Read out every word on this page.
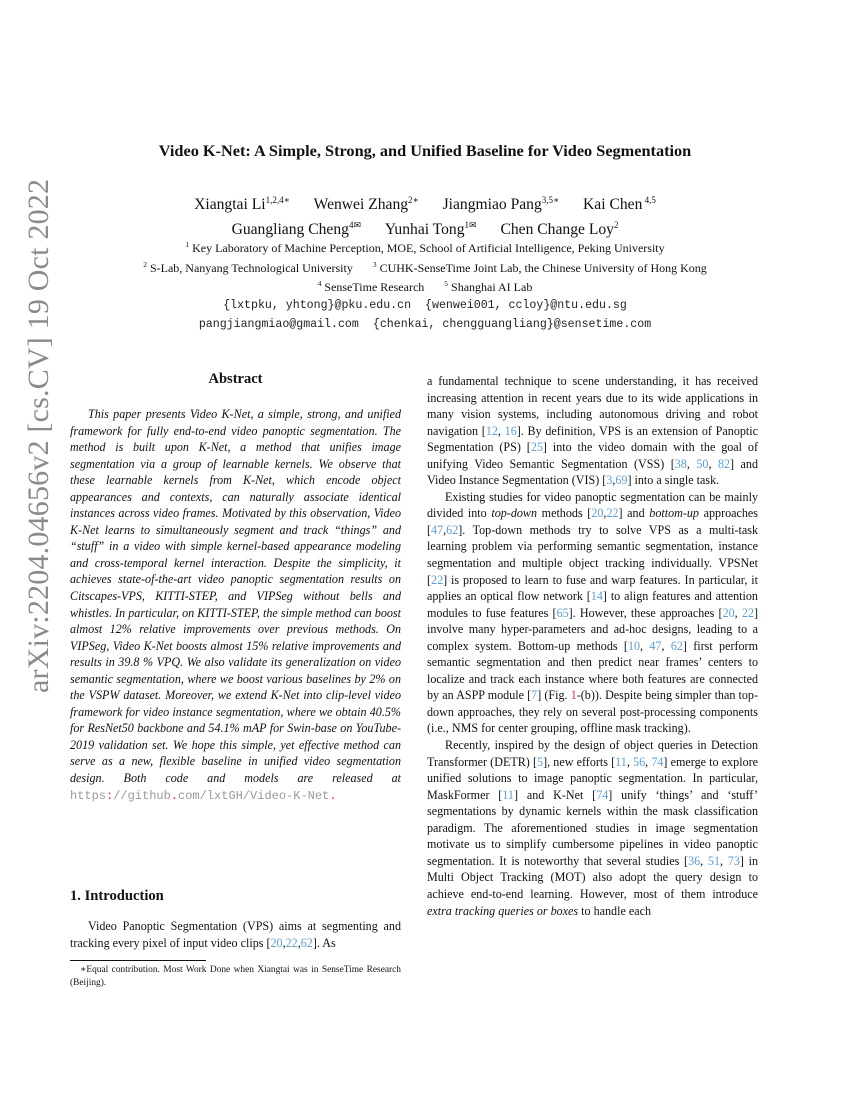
arXiv:2204.04656v2 [cs.CV] 19 Oct 2022
Video K-Net: A Simple, Strong, and Unified Baseline for Video Segmentation
Xiangtai $Li^{1,2,4∗}$ Wenwei Zhang$^{2∗}$ Jiangmiao Pang$^{3,5∗}$ Kai Chen $^{4,5}$
Guangliang Cheng$^{4✉}$ Yunhai Tong$^{1✉}$ Chen Change Loy$^2$
$^1$ Key Laboratory of Machine Perception, MOE, School of Artificial Intelligence, Peking University
$^2$ S-Lab, Nanyang Technological University	$^3$ CUHK-SenseTime Joint Lab, the Chinese University of Hong Kong
$^4$ SenseTime Research	$^5$ Shanghai AI Lab
{lxtpku, yhtong}@pku.edu.cn {wenwei001, ccloy}@ntu.edu.sg
pangjiangmiao@gmail.com {chenkai, chengguangliang}@sensetime.com
Abstract

This paper presents Video K-Net, a simple, strong, and unified framework for fully end-to-end video panoptic segmentation. The method is built upon K-Net, a method that unifies image segmentation via a group of learnable kernels. We observe that these learnable kernels from K-Net, which encode object appearances and contexts, can naturally associate identical instances across video frames. Motivated by this observation, Video K-Net learns to simultaneously segment and track “things” and “stuff” in a video with simple kernel-based appearance modeling and cross-temporal kernel interaction. Despite the simplicity, it achieves state-of-the-art video panoptic segmentation results on Citscapes-VPS, KITTI-STEP, and VIPSeg without bells and whistles. In particular, on KITTI-STEP, the simple method can boost almost 12% relative improvements over previous methods. On VIPSeg, Video K-Net boosts almost 15% relative improvements and results in 39.8 % VPQ. We also validate its generalization on video semantic segmentation, where we boost various baselines by 2% on the VSPW dataset. Moreover, we extend K-Net into clip-level video framework for video instance segmentation, where we obtain 40.5% for ResNet50 backbone and 54.1% mAP for Swin-base on YouTube-2019 validation set. We hope this simple, yet effective method can serve as a new, flexible baseline in unified video segmentation design. Both code and models are released at https://github.com/lxtGH/Video-K-Net.

1. Introduction

Video Panoptic Segmentation (VPS) aims at segmenting and tracking every pixel of input video clips [20,22,62]. As

∗Equal contribution. Most Work Done when Xiangtai was in SenseTime Research (Beijing).

a fundamental technique to scene understanding, it has received increasing attention in recent years due to its wide applications in many vision systems, including autonomous driving and robot navigation [12, 16]. By definition, VPS is an extension of Panoptic Segmentation (PS) [25] into the video domain with the goal of unifying Video Semantic Segmentation (VSS) [38, 50, 82] and Video Instance Segmentation (VIS) [3,69] into a single task.

Existing studies for video panoptic segmentation can be mainly divided into top-down methods [20,22] and bottom-up approaches [47,62]. Top-down methods try to solve VPS as a multi-task learning problem via performing semantic segmentation, instance segmentation and multiple object tracking individually. VPSNet [22] is proposed to learn to fuse and warp features. In particular, it applies an optical flow network [14] to align features and attention modules to fuse features [65]. However, these approaches [20, 22] involve many hyper-parameters and ad-hoc designs, leading to a complex system. Bottom-up methods [10, 47, 62] first perform semantic segmentation and then predict near frames’ centers to localize and track each instance where both features are connected by an ASPP module [7] (Fig. 1-(b)). Despite being simpler than top-down approaches, they rely on several post-processing components (i.e., NMS for center grouping, offline mask tracking).

Recently, inspired by the design of object queries in Detection Transformer (DETR) [5], new efforts [11, 56, 74] emerge to explore unified solutions to image panoptic segmentation. In particular, MaskFormer [11] and K-Net [74] unify ‘things’ and ‘stuff’ segmentations by dynamic kernels within the mask classification paradigm. The aforementioned studies in image segmentation motivate us to simplify cumbersome pipelines in video panoptic segmentation. It is noteworthy that several studies [36, 51, 73] in Multi Object Tracking (MOT) also adopt the query design to achieve end-to-end learning. However, most of them introduce extra tracking queries or boxes to handle each
